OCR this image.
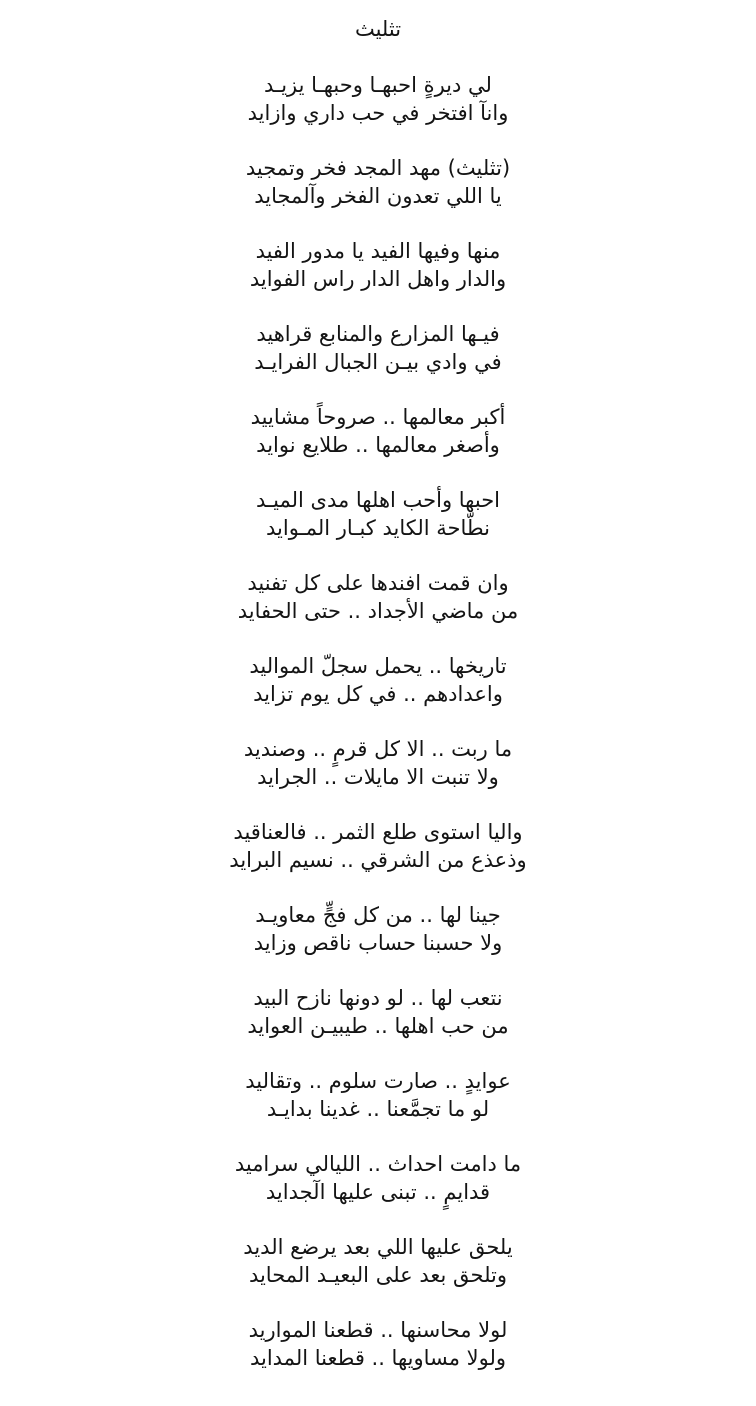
تثليث

لي ديرةٍ احبهـا وحبهـا يزيـد

وانآ افتخر في حب داري وازايد

(تثليث) مهد المجد فخر وتمجيد

يا اللي تعدون الفخر وآلمجايد

منها وفيها الفيد يا مدور الفيد

والدار واهل الدار راس الفوايد

فيـها المزارع والمنابع قراهيد

في وادي بيـن الجبال الفرايـد

أكبر معالمها .. صروحاً مشاييد

وأصغر معالمها .. طلايع نوايد

احبها وأحب اهلها مدى الميـد

نطّاحة الكايد كبـار المـوايد

وان قمت افندها على كل تفنيد

من ماضي الأجداد .. حتى الحفايد

تاريخها .. يحمل سجلّ المواليد

واعدادهم .. في كل يوم تزايد

ما ربت .. الا كل قرمٍ .. وصنديد

ولا تنبت الا مايلات .. الجرايد

واليا استوى طلع الثمر .. فالعناقيد

وذعذع من الشرقي .. نسيم البرايد

جينا لها .. من كل فجٍّ معاويـد

ولا حسبنا حساب ناقص وزايد

نتعب لها .. لو دونها نازح البيد

من حب اهلها .. طيبيـن العوايد

عوايدٍ .. صارت سلوم .. وتقاليد

لو ما تجمَّعنا .. غدينا بدايـد

ما دامت احداث .. الليالي سراميد

قدايمٍ .. تبنى عليها الٓجدايد

يلحق عليها اللي بعد يرضع الديد

وتلحق بعد على البعيـد المحايد

لولا محاسنها .. قطعنا المواريد

ولولا مساويها .. قطعنا المدايد
